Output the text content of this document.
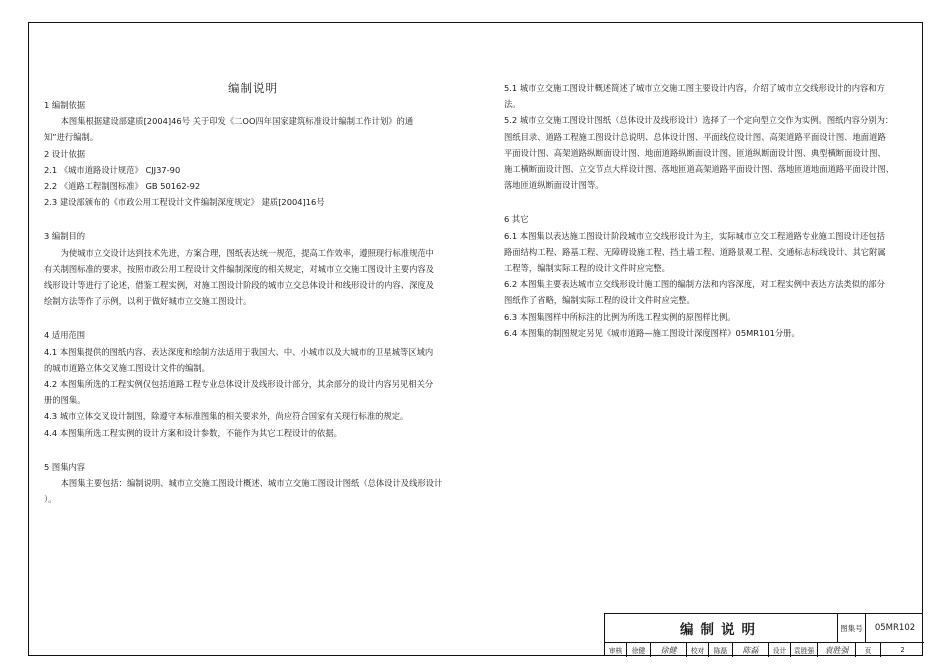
编制说明
1 编制依据
本图集根据建设部建质[2004]46号 关于印发《二OO四年国家建筑标准设计编制工作计划》的通
知”进行编制。
2 设计依据
2.1 《城市道路设计规范》 CJJ37-90
2.2 《道路工程制图标准》 GB 50162-92
2.3 建设部颁布的《市政公用工程设计文件编制深度规定》 建质[2004]16号
3 编制目的
为使城市立交设计达到技术先进，方案合理，图纸表达统一规范，提高工作效率，遵照现行标准规范中
有关制图标准的要求，按照市政公用工程设计文件编制深度的相关规定，对城市立交施工图设计主要内容及
线形设计等进行了论述，借鉴工程实例，对施工图设计阶段的城市立交总体设计和线形设计的内容、深度及
绘制方法等作了示例，以利于做好城市立交施工图设计。
4 适用范围
4.1 本图集提供的图纸内容、表达深度和绘制方法适用于我国大、中、小城市以及大城市的卫星城等区域内
的城市道路立体交叉施工图设计文件的编制。
4.2 本图集所选的工程实例仅包括道路工程专业总体设计及线形设计部分，其余部分的设计内容另见相关分
册的图集。
4.3 城市立体交叉设计制图，除遵守本标准图集的相关要求外，尚应符合国家有关现行标准的规定。
4.4 本图集所选工程实例的设计方案和设计参数，不能作为其它工程设计的依据。
5 图集内容
本图集主要包括：编制说明、城市立交施工图设计概述、城市立交施工图设计图纸（总体设计及线形设计
）。
5.1 城市立交施工图设计概述简述了城市立交施工图主要设计内容，介绍了城市立交线形设计的内容和方
法。
5.2 城市立交施工图设计图纸（总体设计及线形设计）选择了一个定向型立交作为实例。图纸内容分别为：
图纸目录、道路工程施工图设计总说明、总体设计图、平面线位设计图、高架道路平面设计图、地面道路
平面设计图、高架道路纵断面设计图、地面道路纵断面设计图、匝道纵断面设计图、典型横断面设计图、
施工横断面设计图、立交节点大样设计图、落地匝道高架道路平面设计图、落地匝道地面道路平面设计图、
落地匝道纵断面设计图等。
6 其它
6.1 本图集以表达施工图设计阶段城市立交线形设计为主，实际城市立交工程道路专业施工图设计还包括
路面结构工程、路基工程、无障碍设施工程、挡土墙工程、道路景观工程、交通标志标线设计、其它附属
工程等，编制实际工程的设计文件时应完整。
6.2 本图集主要表达城市立交线形设计施工图的编制方法和内容深度，对工程实例中表达方法类似的部分
图纸作了省略，编制实际工程的设计文件时应完整。
6.3 本图集图样中所标注的比例为所选工程实例的原图样比例。
6.4 本图集的制图规定另见《城市道路—施工图设计深度图样》05MR101分册。
编制说明	图集号	05MR102
审核 徐健 徐健 校对 陈磊 陈磊 设计 袁胜强 袁胜强 页	2
